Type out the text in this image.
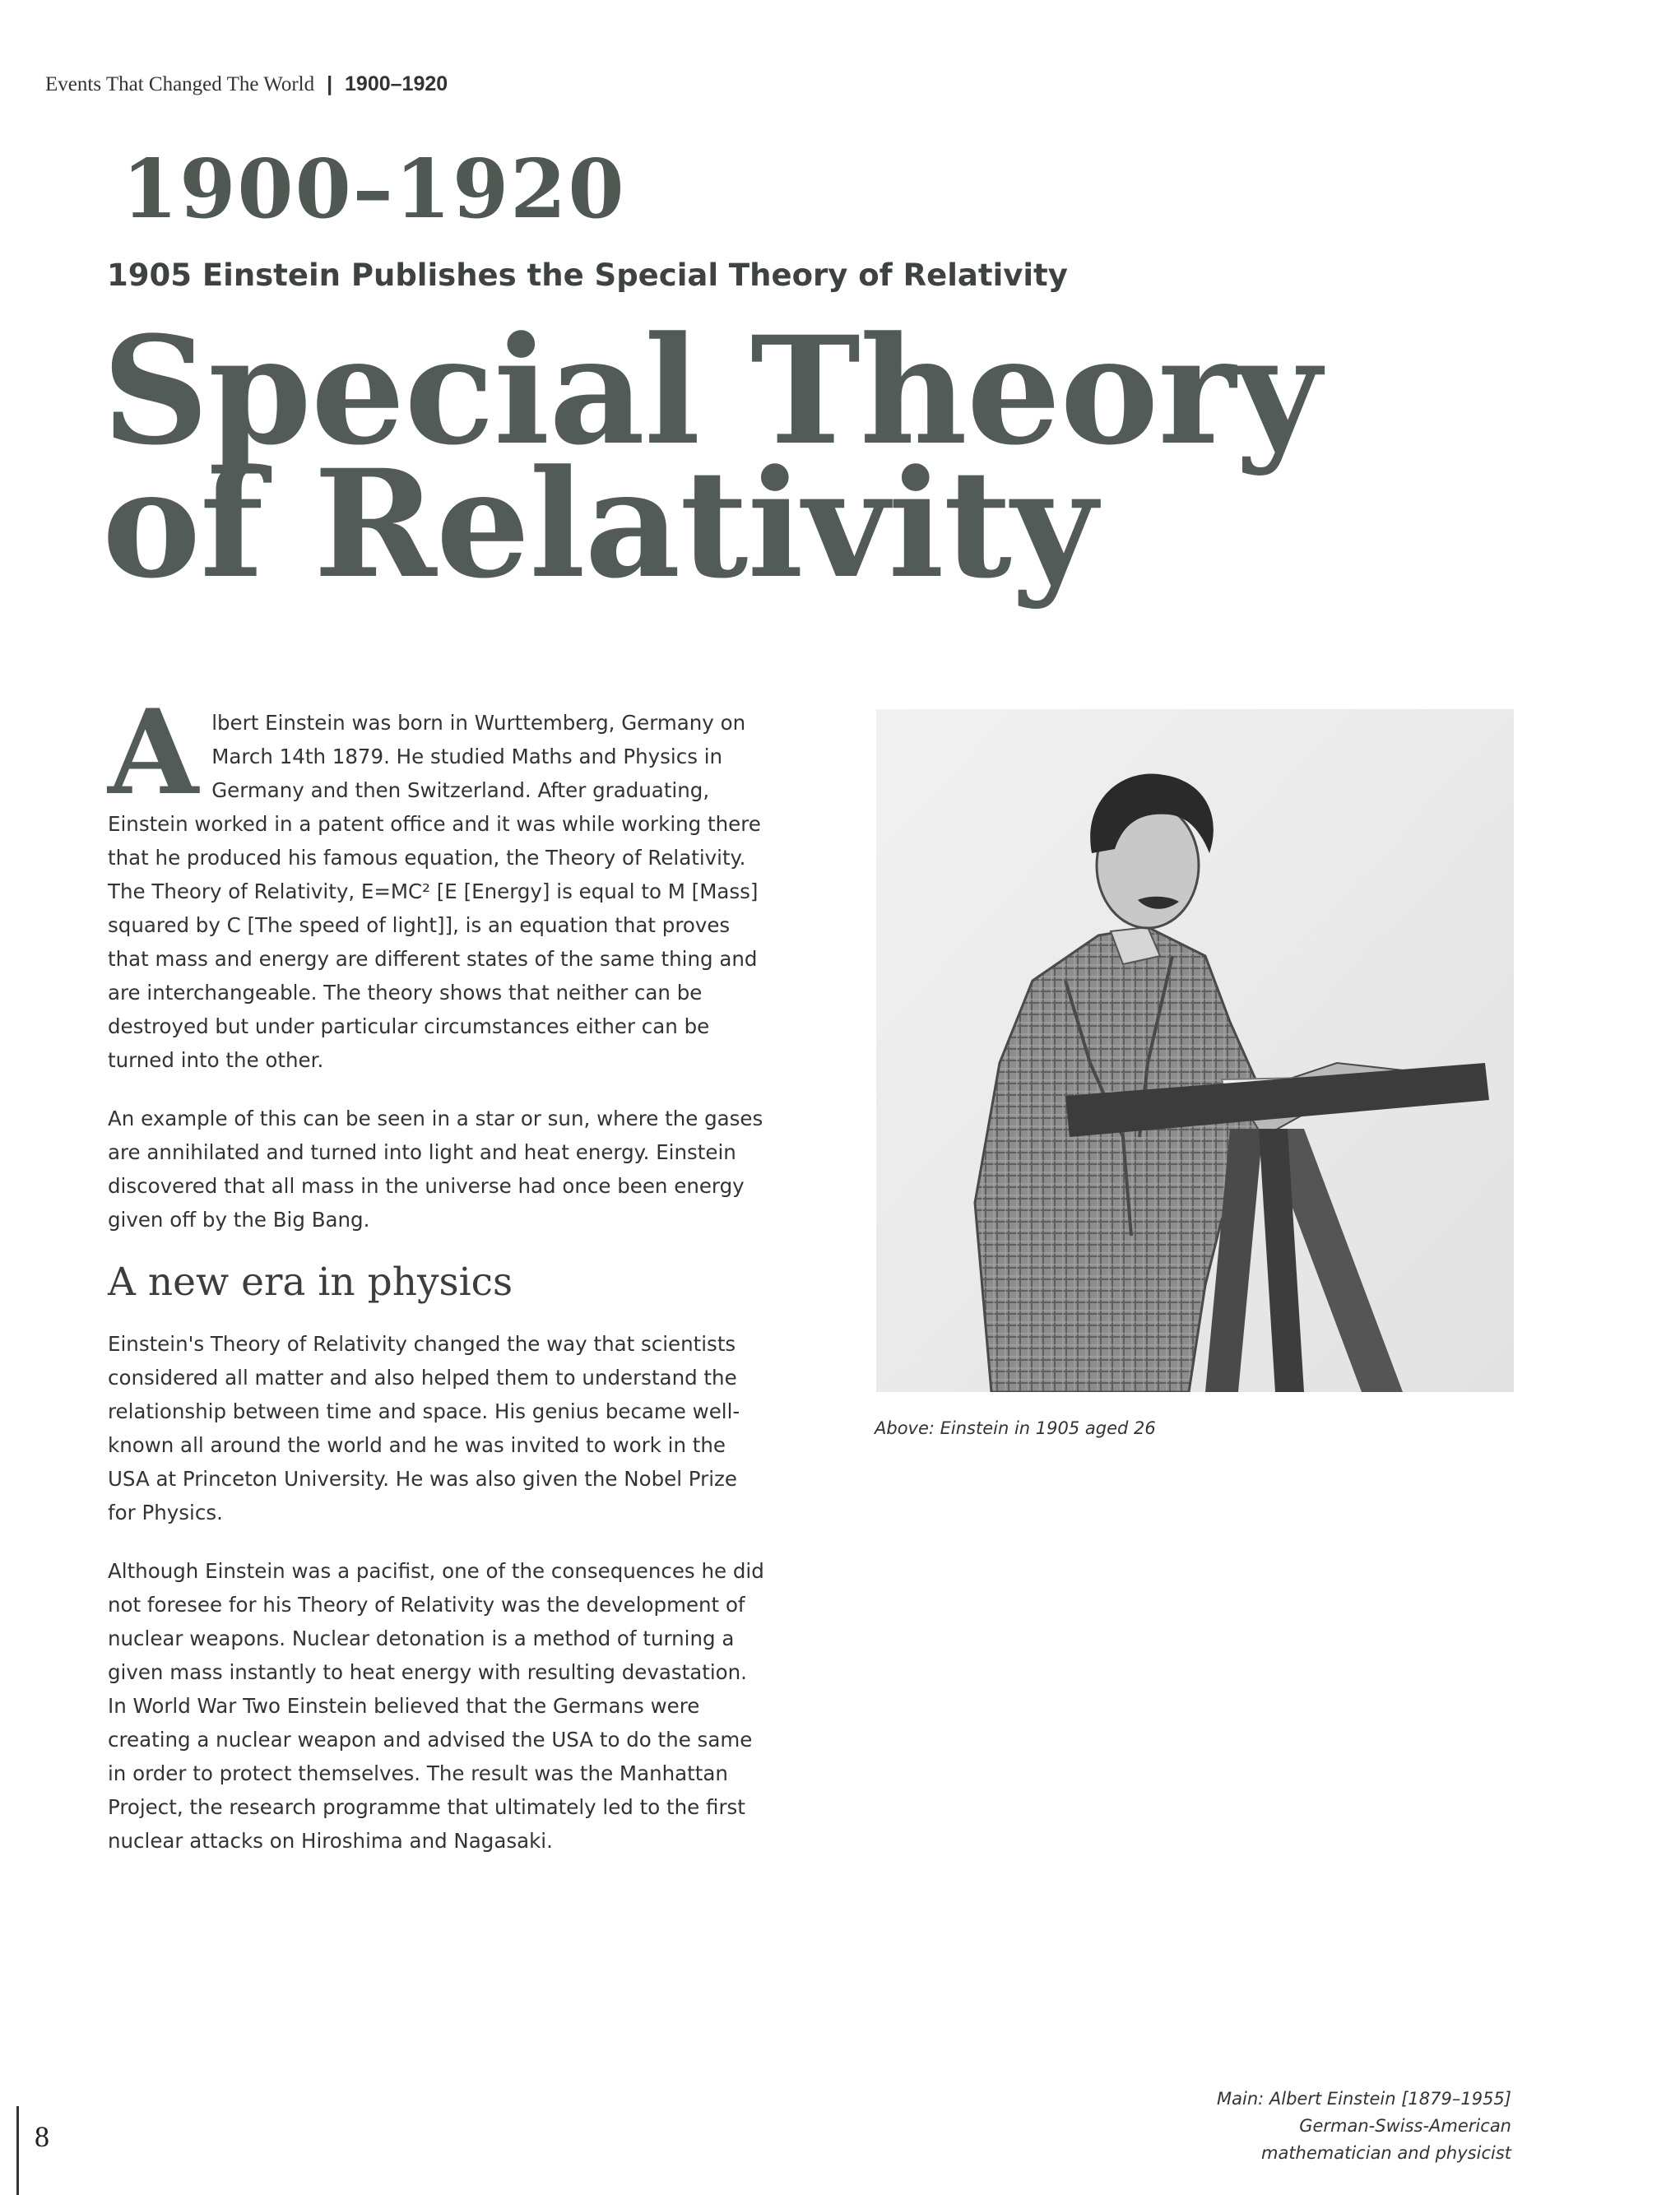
Events That Changed The World | 1900–1920
1900–1920
1905 Einstein Publishes the Special Theory of Relativity
Special Theory
of Relativity

A lbert Einstein was born in Wurttemberg, Germany on March 14th 1879. He studied Maths and Physics in Germany and then Switzerland. After graduating, Einstein worked in a patent office and it was while working there that he produced his famous equation, the Theory of Relativity. The Theory of Relativity, E=MC² [E [Energy] is equal to M [Mass] squared by C [The speed of light]], is an equation that proves that mass and energy are different states of the same thing and are interchangeable. The theory shows that neither can be destroyed but under particular circumstances either can be turned into the other.

An example of this can be seen in a star or sun, where the gases are annihilated and turned into light and heat energy. Einstein discovered that all mass in the universe had once been energy given off by the Big Bang.

A new era in physics

Einstein's Theory of Relativity changed the way that scientists considered all matter and also helped them to understand the relationship between time and space. His genius became well-known all around the world and he was invited to work in the USA at Princeton University. He was also given the Nobel Prize for Physics.

Although Einstein was a pacifist, one of the consequences he did not foresee for his Theory of Relativity was the development of nuclear weapons. Nuclear detonation is a method of turning a given mass instantly to heat energy with resulting devastation. In World War Two Einstein believed that the Germans were creating a nuclear weapon and advised the USA to do the same in order to protect themselves. The result was the Manhattan Project, the research programme that ultimately led to the first nuclear attacks on Hiroshima and Nagasaki.

Above: Einstein in 1905 aged 26
Main: Albert Einstein [1879–1955]
German-Swiss-American
mathematician and physicist
8
